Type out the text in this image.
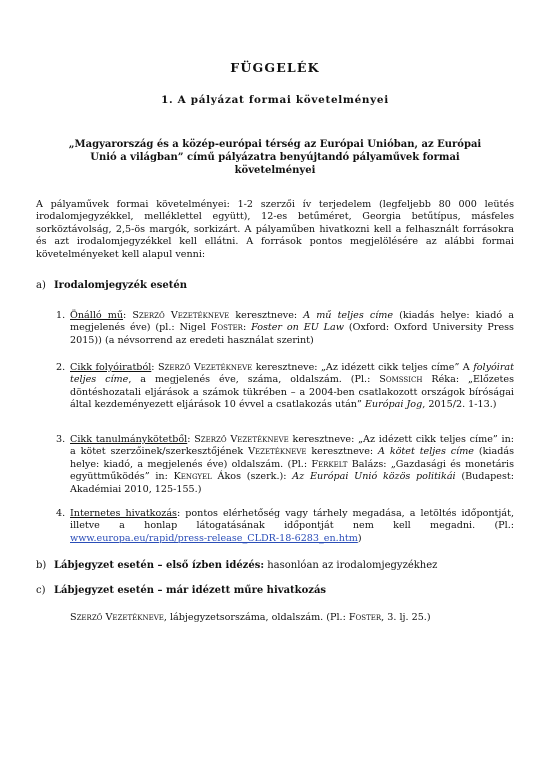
FÜGGELÉK
1. A pályázat formai követelményei
„Magyarország és a közép-európai térség az Európai Unióban, az Európai Unió a világban” című pályázatra benyújtandó pályaművek formai követelményei
A pályaművek formai követelményei: 1-2 szerzői ív terjedelem (legfeljebb 80 000 leütés irodalomjegyzékkel, melléklettel együtt), 12-es betűméret, Georgia betűtípus, másfeles sorköztávolság, 2,5-ös margók, sorkizárt. A pályaműben hivatkozni kell a felhasznált forrásokra és azt irodalomjegyzékkel kell ellátni. A források pontos megjelölésére az alábbi formai követelményeket kell alapul venni:
a) Irodalomjegyzék esetén
1. Önálló mű: Szerző Vezetékneve keresztneve: A mű teljes címe (kiadás helye: kiadó a megjelenés éve) (pl.: Nigel Foster: Foster on EU Law (Oxford: Oxford University Press 2015)) (a névsorrend az eredeti használat szerint)
2. Cikk folyóiratból: Szerző Vezetékneve keresztneve: „Az idézett cikk teljes címe” A folyóirat teljes címe, a megjelenés éve, száma, oldalszám. (Pl.: Somssich Réka: „Előzetes döntéshozatali eljárások a számok tükrében – a 2004-ben csatlakozott országok bíróságai által kezdeményezett eljárások 10 évvel a csatlakozás után” Európai Jog, 2015/2. 1-13.)
3. Cikk tanulmánykötetből: Szerző Vezetékneve keresztneve: „Az idézett cikk teljes címe” in: a kötet szerzőinek/szerkesztőjének Vezetékneve keresztneve: A kötet teljes címe (kiadás helye: kiadó, a megjelenés éve) oldalszám. (Pl.: Ferkelt Balázs: „Gazdasági és monetáris együttműködés” in: Kengyel Ákos (szerk.): Az Európai Unió közös politikái (Budapest: Akadémiai 2010, 125-155.)
4. Internetes hivatkozás: pontos elérhetőség vagy tárhely megadása, a letöltés időpontját, illetve a honlap látogatásának időpontját nem kell megadni. (Pl.: www.europa.eu/rapid/press-release_CLDR-18-6283_en.htm)
b) Lábjegyzet esetén – első ízben idézés: hasonlóan az irodalomjegyzékhez
c) Lábjegyzet esetén – már idézett műre hivatkozás
Szerző Vezetékneve, lábjegyzetsorszáma, oldalszám. (Pl.: Foster, 3. lj. 25.)
